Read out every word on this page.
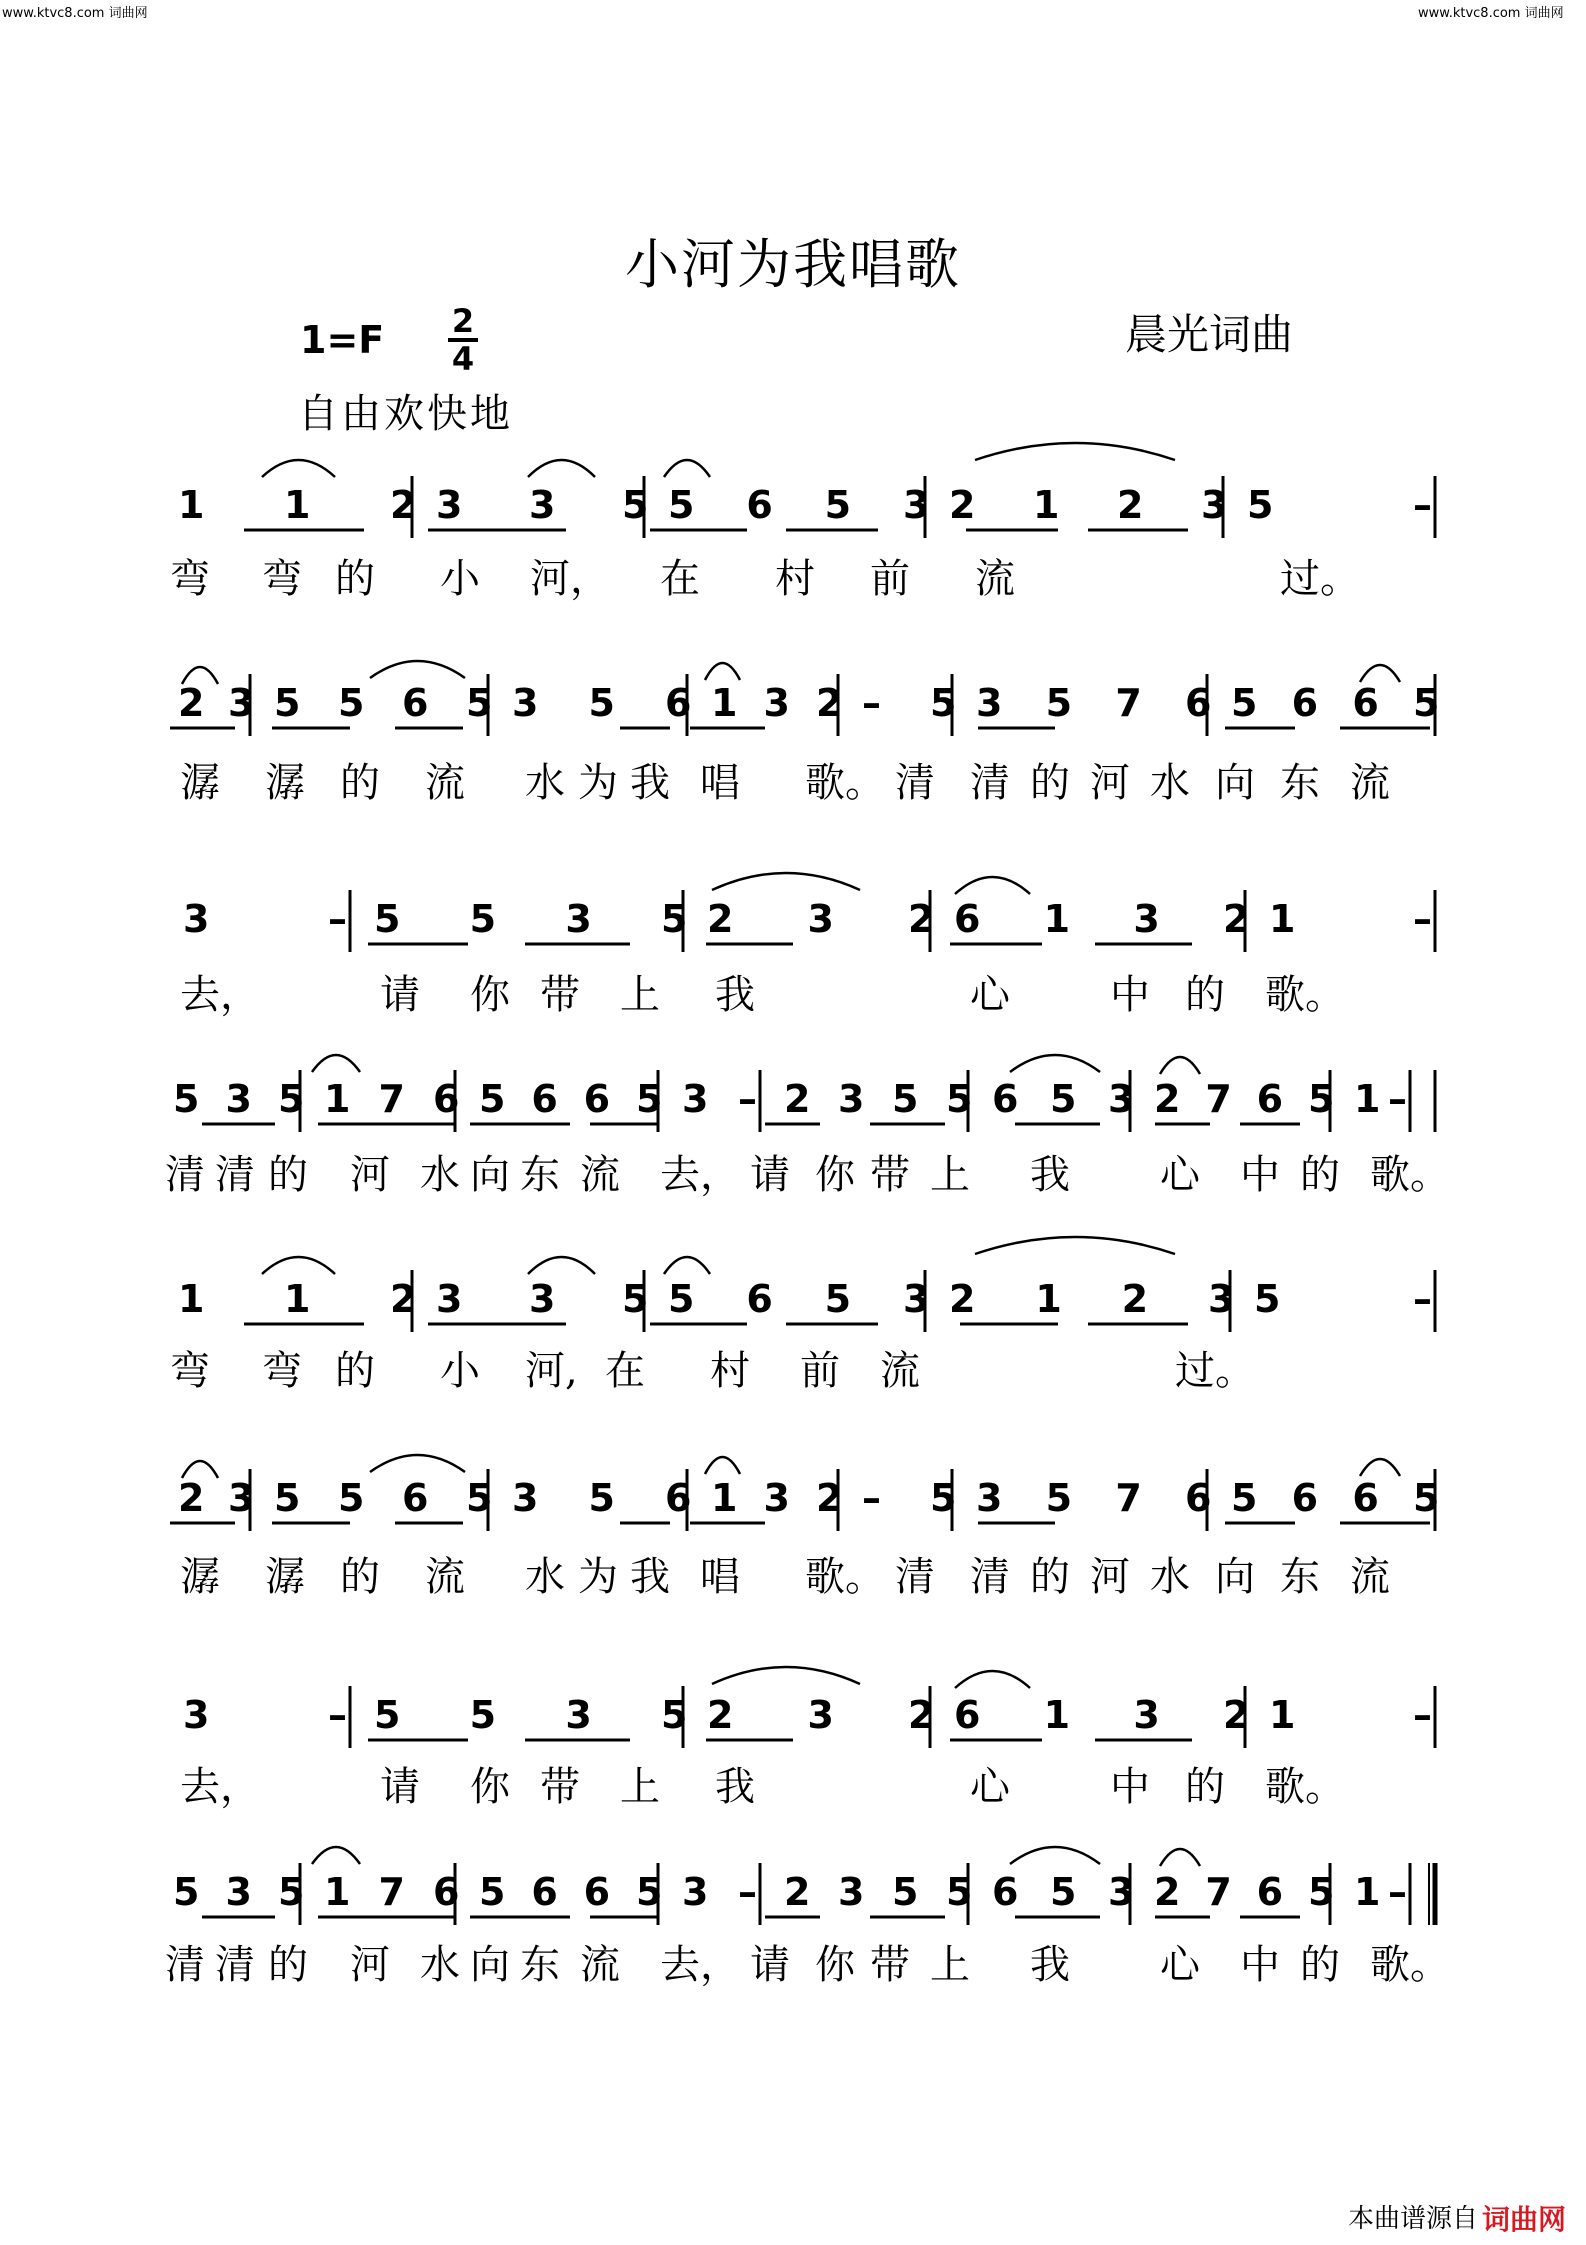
www.ktvc8.com 词曲网	www.ktvc8.com 词曲网
小河为我唱歌
1=F 2
4	晨光词曲
自由欢快地
1 1 2 3 3 5 5 6 5 3 2 1 2 3 5	–
弯 弯 的 小 河， 在 村 前 流	过。
2 3 5 5 6 5 3 5 6 1 3 2 – 5 3 5 7 6 5 6 6 5
潺 潺 的 流 水 为 我 唱 歌。 清 清 的 河 水 向 东 流
3	– 5 5 3 5 2 3 2 6 1 3 2 1	–
去，	请 你 带 上 我	心	中 的 歌。
5 3 5 1 7 6 5 6 6 5 3 – 2 3 5 5 6 5 3 2 7 6 5 1 –
清 清 的 河 水 向 东 流 去， 请 你 带 上 我 心 中 的 歌。
1 1 2 3 3 5 5 6 5 3 2 1 2 3 5	–
弯 弯 的 小 河, 在 村 前 流	过。
2 3 5 5 6 5 3 5 6 1 3 2 – 5 3 5 7 6 5 6 6 5
潺 潺 的 流 水 为 我 唱 歌。 清 清 的 河 水 向 东 流
3	– 5 5 3 5 2 3 2 6 1 3 2 1	–
去，	请 你 带 上 我	心	中 的 歌。
5 3 5 1 7 6 5 6 6 5 3 – 2 3 5 5 6 5 3 2 7 6 5 1 –
清 清 的 河 水 向 东 流 去， 请 你 带 上 我 心 中 的 歌。
本曲谱源自 词曲网
